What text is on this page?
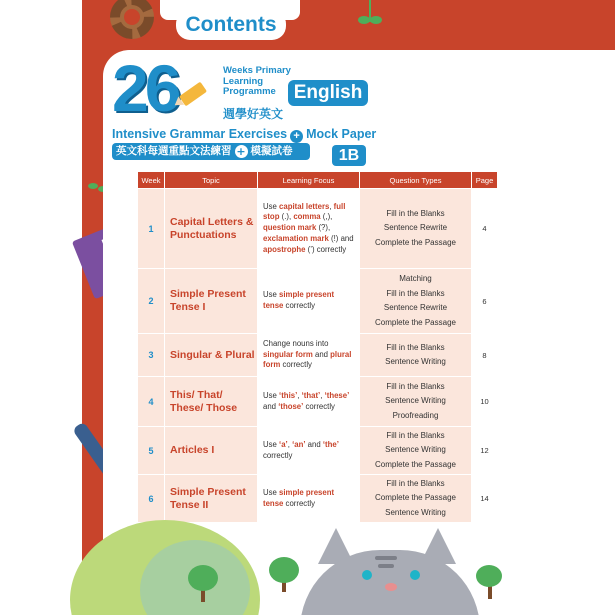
Contents
26	Weeks Primary Learning Programme
週學好英文
English
Intensive Grammar Exercises + Mock Paper
英文科每週重點文法練習 + 模擬試卷	1B
Week	Topic	Learning Focus	Question Types	Page
1	Capital Letters & Punctuations	Use capital letters, full stop (.), comma (,), question mark (?), exclamation mark (!) and apostrophe (’) correctly	Fill in the Blanks
Sentence Rewrite
Complete the Passage	4
2	Simple Present Tense I	Use simple present tense correctly	Matching
Fill in the Blanks
Sentence Rewrite
Complete the Passage	6
3	Singular & Plural	Change nouns into singular form and plural form correctly	Fill in the Blanks
Sentence Writing	8
4	This/ That/ These/ Those	Use ‘this’, ‘that’, ‘these’ and ‘those’ correctly	Fill in the Blanks
Sentence Writing
Proofreading	10
5	Articles I	Use ‘a’, ‘an’ and ‘the’ correctly	Fill in the Blanks
Sentence Writing
Complete the Passage	12
6	Simple Present Tense II	Use simple present tense correctly	Fill in the Blanks
Complete the Passage
Sentence Writing	14
